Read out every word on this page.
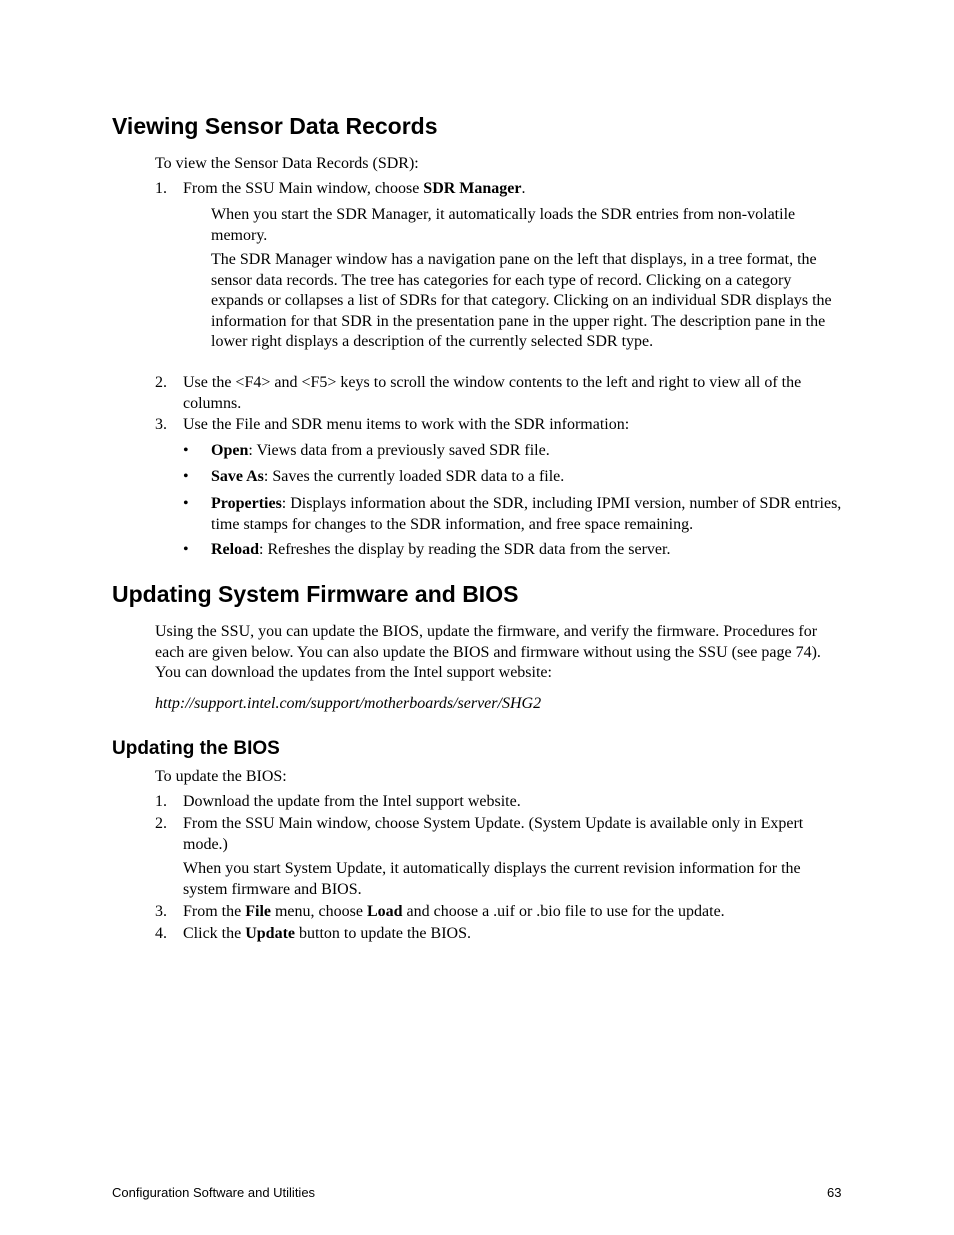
Viewing Sensor Data Records
To view the Sensor Data Records (SDR):
1.	From the SSU Main window, choose SDR Manager.
When you start the SDR Manager, it automatically loads the SDR entries from non-volatile memory.
The SDR Manager window has a navigation pane on the left that displays, in a tree format, the sensor data records. The tree has categories for each type of record. Clicking on a category expands or collapses a list of SDRs for that category. Clicking on an individual SDR displays the information for that SDR in the presentation pane in the upper right. The description pane in the lower right displays a description of the currently selected SDR type.
2.	Use the <F4> and <F5> keys to scroll the window contents to the left and right to view all of the columns.
3.	Use the File and SDR menu items to work with the SDR information:
• Open: Views data from a previously saved SDR file.
• Save As: Saves the currently loaded SDR data to a file.
• Properties: Displays information about the SDR, including IPMI version, number of SDR entries, time stamps for changes to the SDR information, and free space remaining.
• Reload: Refreshes the display by reading the SDR data from the server.
Updating System Firmware and BIOS
Using the SSU, you can update the BIOS, update the firmware, and verify the firmware. Procedures for each are given below. You can also update the BIOS and firmware without using the SSU (see page 74). You can download the updates from the Intel support website:
http://support.intel.com/support/motherboards/server/SHG2
Updating the BIOS
To update the BIOS:
1.	Download the update from the Intel support website.
2.	From the SSU Main window, choose System Update. (System Update is available only in Expert mode.)
When you start System Update, it automatically displays the current revision information for the system firmware and BIOS.
3.	From the File menu, choose Load and choose a .uif or .bio file to use for the update.
4.	Click the Update button to update the BIOS.
Configuration Software and Utilities	63
